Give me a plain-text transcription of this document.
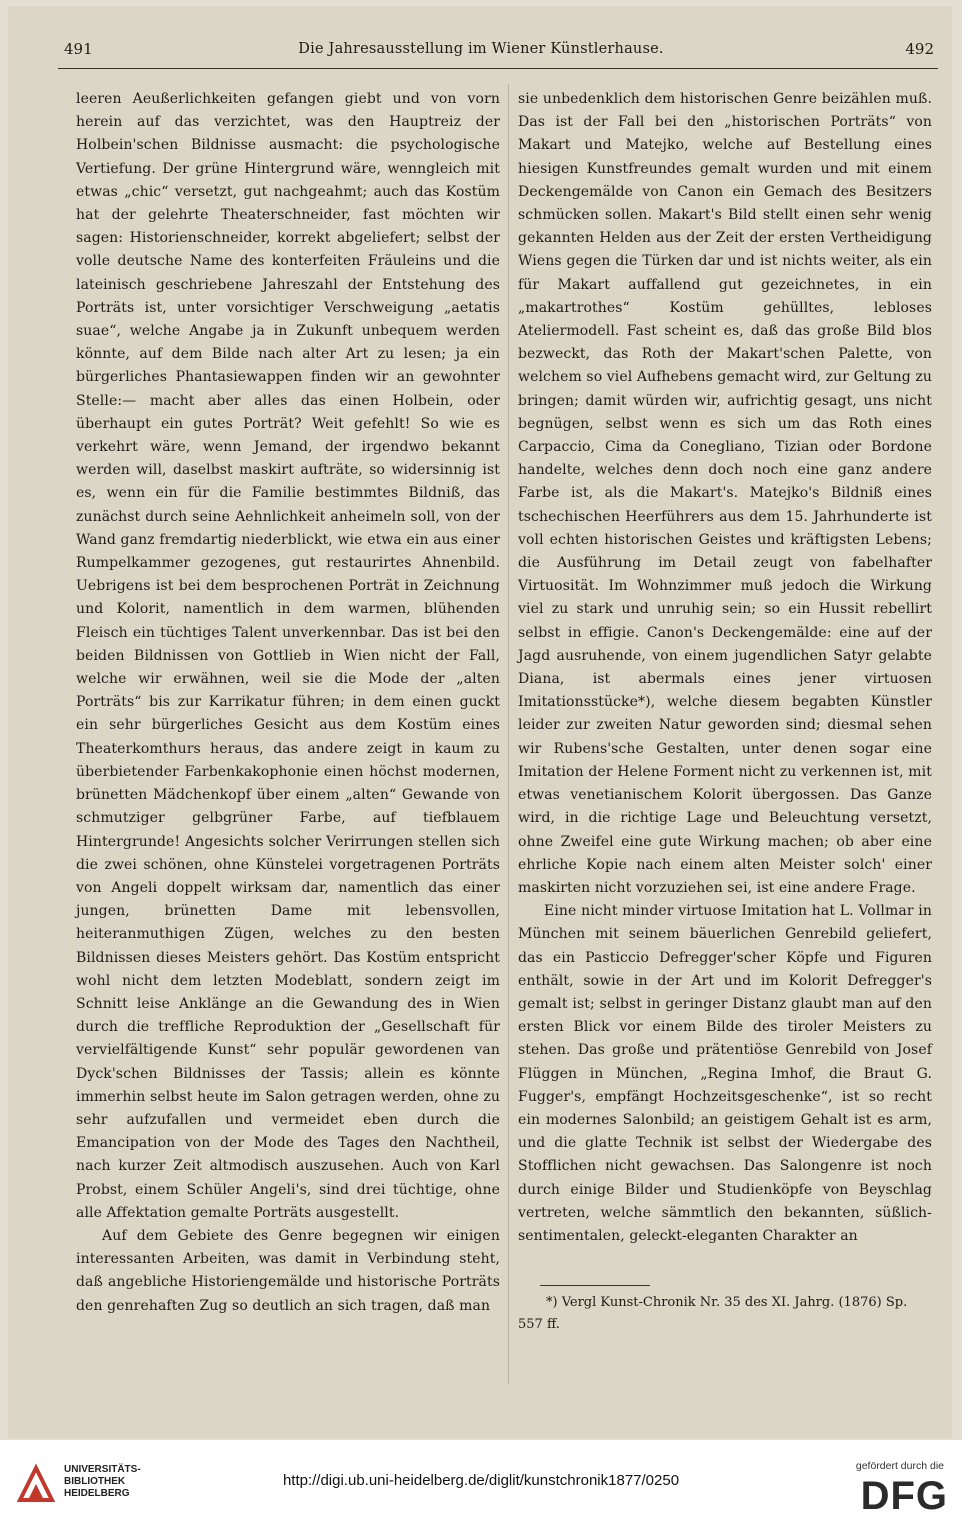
491	Die Jahresausstellung im Wiener Künstlerhause.	492

leeren Aeußerlichkeiten gefangen giebt und von vorn herein auf das verzichtet, was den Hauptreiz der Holbein'schen Bildnisse ausmacht: die psychologische Vertiefung. Der grüne Hintergrund wäre, wenngleich mit etwas „chic“ versetzt, gut nachgeahmt; auch das Kostüm hat der gelehrte Theaterschneider, fast möchten wir sagen: Historienschneider, korrekt abgeliefert; selbst der volle deutsche Name des konterfeiten Fräuleins und die lateinisch geschriebene Jahreszahl der Entstehung des Porträts ist, unter vorsichtiger Verschweigung „aetatis suae“, welche Angabe ja in Zukunft unbequem werden könnte, auf dem Bilde nach alter Art zu lesen; ja ein bürgerliches Phantasiewappen finden wir an gewohnter Stelle:— macht aber alles das einen Holbein, oder überhaupt ein gutes Porträt? Weit gefehlt! So wie es verkehrt wäre, wenn Jemand, der irgendwo bekannt werden will, daselbst maskirt aufträte, so widersinnig ist es, wenn ein für die Familie bestimmtes Bildniß, das zunächst durch seine Aehnlichkeit anheimeln soll, von der Wand ganz fremdartig niederblickt, wie etwa ein aus einer Rumpelkammer gezogenes, gut restaurirtes Ahnenbild. Uebrigens ist bei dem besprochenen Porträt in Zeichnung und Kolorit, namentlich in dem warmen, blühenden Fleisch ein tüchtiges Talent unverkennbar. Das ist bei den beiden Bildnissen von Gottlieb in Wien nicht der Fall, welche wir erwähnen, weil sie die Mode der „alten Porträts“ bis zur Karrikatur führen; in dem einen guckt ein sehr bürgerliches Gesicht aus dem Kostüm eines Theaterkomthurs heraus, das andere zeigt in kaum zu überbietender Farbenkakophonie einen höchst modernen, brünetten Mädchenkopf über einem „alten“ Gewande von schmutziger gelbgrüner Farbe, auf tiefblauem Hintergrunde! Angesichts solcher Verirrungen stellen sich die zwei schönen, ohne Künstelei vorgetragenen Porträts von Angeli doppelt wirksam dar, namentlich das einer jungen, brünetten Dame mit lebensvollen, heiteranmuthigen Zügen, welches zu den besten Bildnissen dieses Meisters gehört. Das Kostüm entspricht wohl nicht dem letzten Modeblatt, sondern zeigt im Schnitt leise Anklänge an die Gewandung des in Wien durch die treffliche Reproduktion der „Gesellschaft für vervielfältigende Kunst“ sehr populär gewordenen van Dyck'schen Bildnisses der Tassis; allein es könnte immerhin selbst heute im Salon getragen werden, ohne zu sehr aufzufallen und vermeidet eben durch die Emancipation von der Mode des Tages den Nachtheil, nach kurzer Zeit altmodisch auszusehen. Auch von Karl Probst, einem Schüler Angeli's, sind drei tüchtige, ohne alle Affektation gemalte Porträts ausgestellt.

Auf dem Gebiete des Genre begegnen wir einigen interessanten Arbeiten, was damit in Verbindung steht, daß angebliche Historiengemälde und historische Porträts den genrehaften Zug so deutlich an sich tragen, daß man

sie unbedenklich dem historischen Genre beizählen muß. Das ist der Fall bei den „historischen Porträts“ von Makart und Matejko, welche auf Bestellung eines hiesigen Kunstfreundes gemalt wurden und mit einem Deckengemälde von Canon ein Gemach des Besitzers schmücken sollen. Makart's Bild stellt einen sehr wenig gekannten Helden aus der Zeit der ersten Vertheidigung Wiens gegen die Türken dar und ist nichts weiter, als ein für Makart auffallend gut gezeichnetes, in ein „makartrothes“ Kostüm gehülltes, lebloses Ateliermodell. Fast scheint es, daß das große Bild blos bezweckt, das Roth der Makart'schen Palette, von welchem so viel Aufhebens gemacht wird, zur Geltung zu bringen; damit würden wir, aufrichtig gesagt, uns nicht begnügen, selbst wenn es sich um das Roth eines Carpaccio, Cima da Conegliano, Tizian oder Bordone handelte, welches denn doch noch eine ganz andere Farbe ist, als die Makart's. Matejko's Bildniß eines tschechischen Heerführers aus dem 15. Jahrhunderte ist voll echten historischen Geistes und kräftigsten Lebens; die Ausführung im Detail zeugt von fabelhafter Virtuosität. Im Wohnzimmer muß jedoch die Wirkung viel zu stark und unruhig sein; so ein Hussit rebellirt selbst in effigie. Canon's Deckengemälde: eine auf der Jagd ausruhende, von einem jugendlichen Satyr gelabte Diana, ist abermals eines jener virtuosen Imitationsstücke*), welche diesem begabten Künstler leider zur zweiten Natur geworden sind; diesmal sehen wir Rubens'sche Gestalten, unter denen sogar eine Imitation der Helene Forment nicht zu verkennen ist, mit etwas venetianischem Kolorit übergossen. Das Ganze wird, in die richtige Lage und Beleuchtung versetzt, ohne Zweifel eine gute Wirkung machen; ob aber eine ehrliche Kopie nach einem alten Meister solch' einer maskirten nicht vorzuziehen sei, ist eine andere Frage.

Eine nicht minder virtuose Imitation hat L. Vollmar in München mit seinem bäuerlichen Genrebild geliefert, das ein Pasticcio Defregger'scher Köpfe und Figuren enthält, sowie in der Art und im Kolorit Defregger's gemalt ist; selbst in geringer Distanz glaubt man auf den ersten Blick vor einem Bilde des tiroler Meisters zu stehen. Das große und prätentiöse Genrebild von Josef Flüggen in München, „Regina Imhof, die Braut G. Fugger's, empfängt Hochzeitsgeschenke“, ist so recht ein modernes Salonbild; an geistigem Gehalt ist es arm, und die glatte Technik ist selbst der Wiedergabe des Stofflichen nicht gewachsen. Das Salongenre ist noch durch einige Bilder und Studienköpfe von Beyschlag vertreten, welche sämmtlich den bekannten, süßlich-sentimentalen, geleckt-eleganten Charakter an

*) Vergl Kunst-Chronik Nr. 35 des XI. Jahrg. (1876) Sp. 557 ff.
UNIVERSITÄTS-
BIBLIOTHEK
HEIDELBERG
http://digi.ub.uni-heidelberg.de/diglit/kunstchronik1877/0250
gefördert durch die
DFG
